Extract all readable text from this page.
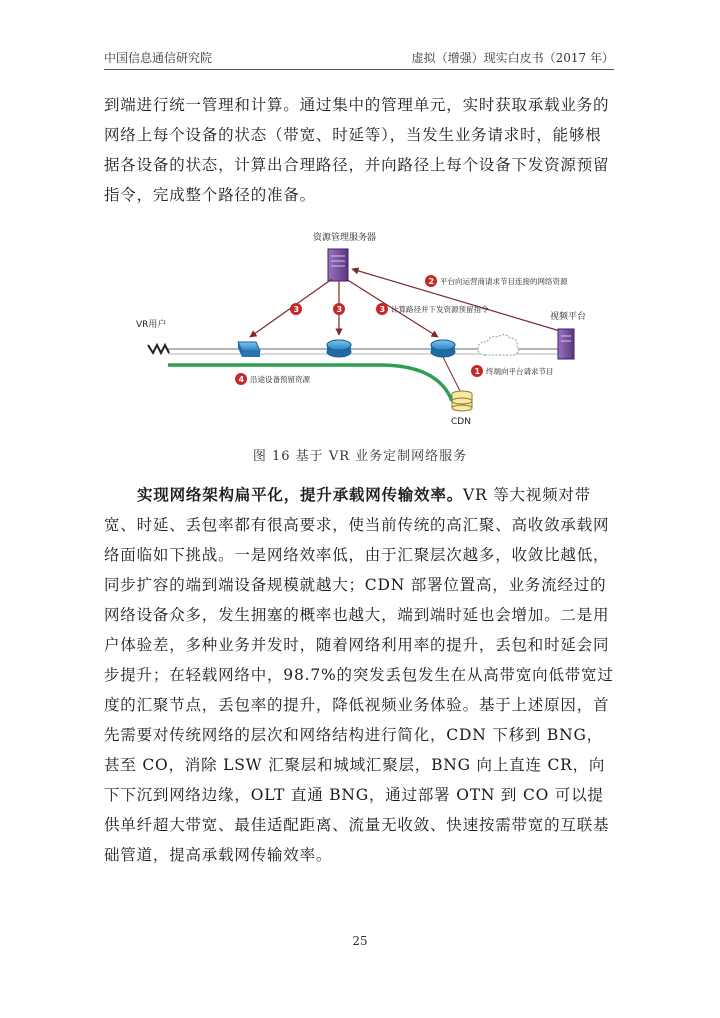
中国信息通信研究院	虚拟（增强）现实白皮书（2017 年）

到端进行统一管理和计算。通过集中的管理单元，实时获取承载业务的网络上每个设备的状态（带宽、时延等），当发生业务请求时，能够根据各设备的状态，计算出合理路径，并向路径上每个设备下发资源预留指令，完成整个路径的准备。

资源管理服务器
视频平台
VR用户
CDN
1 终端向平台请求节目
2 平台向运营商请求节目连接的网络资源
3	3	3 计算路径并下发资源预留指令
4 沿途设备预留资源
图 16 基于 VR 业务定制网络服务

实现网络架构扁平化，提升承载网传输效率。VR 等大视频对带宽、时延、丢包率都有很高要求，使当前传统的高汇聚、高收敛承载网络面临如下挑战。一是网络效率低，由于汇聚层次越多，收敛比越低，同步扩容的端到端设备规模就越大；CDN 部署位置高，业务流经过的网络设备众多，发生拥塞的概率也越大，端到端时延也会增加。二是用户体验差，多种业务并发时，随着网络利用率的提升，丢包和时延会同步提升；在轻载网络中，98.7%的突发丢包发生在从高带宽向低带宽过度的汇聚节点，丢包率的提升，降低视频业务体验。基于上述原因，首先需要对传统网络的层次和网络结构进行简化，CDN 下移到 BNG，甚至 CO，消除 LSW 汇聚层和城域汇聚层，BNG 向上直连 CR，向下下沉到网络边缘，OLT 直通 BNG，通过部署 OTN 到 CO 可以提供单纤超大带宽、最佳适配距离、流量无收敛、快速按需带宽的互联基础管道，提高承载网传输效率。

25
